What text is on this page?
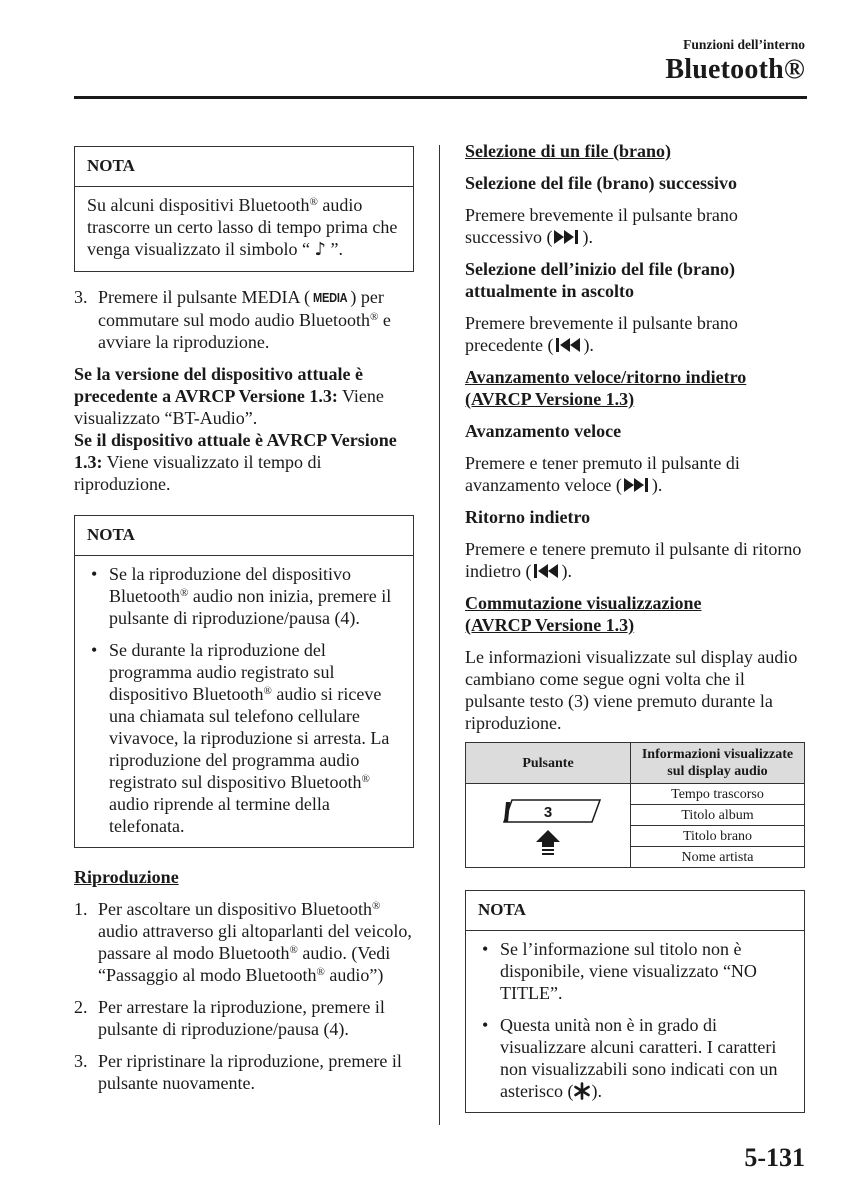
Funzioni dell’interno
Bluetooth®
NOTA

Su alcuni dispositivi Bluetooth® audio trascorre un certo lasso di tempo prima che venga visualizzato il simbolo “ ♪ ”.

3. Premere il pulsante MEDIA ( MEDIA ) per commutare sul modo audio Bluetooth® e avviare la riproduzione.

Se la versione del dispositivo attuale è precedente a AVRCP Versione 1.3: Viene visualizzato “BT-Audio”.

Se il dispositivo attuale è AVRCP Versione 1.3: Viene visualizzato il tempo di riproduzione.

NOTA
• Se la riproduzione del dispositivo Bluetooth® audio non inizia, premere il pulsante di riproduzione/pausa (4).
• Se durante la riproduzione del programma audio registrato sul dispositivo Bluetooth® audio si riceve una chiamata sul telefono cellulare vivavoce, la riproduzione si arresta. La riproduzione del programma audio registrato sul dispositivo Bluetooth® audio riprende al termine della telefonata.

Riproduzione

1. Per ascoltare un dispositivo Bluetooth® audio attraverso gli altoparlanti del veicolo, passare al modo Bluetooth® audio. (Vedi “Passaggio al modo Bluetooth® audio”)
2. Per arrestare la riproduzione, premere il pulsante di riproduzione/pausa (4).
3. Per ripristinare la riproduzione, premere il pulsante nuovamente.

Selezione di un file (brano)

Selezione del file (brano) successivo

Premere brevemente il pulsante brano successivo ( ).

Selezione dell’inizio del file (brano) attualmente in ascolto

Premere brevemente il pulsante brano precedente ( ).

Avanzamento veloce/ritorno indietro

(AVRCP Versione 1.3)

Avanzamento veloce

Premere e tener premuto il pulsante di avanzamento veloce ( ).

Ritorno indietro

Premere e tenere premuto il pulsante di ritorno indietro ( ).

Commutazione visualizzazione

(AVRCP Versione 1.3)

Le informazioni visualizzate sul display audio cambiano come segue ogni volta che il pulsante testo (3) viene premuto durante la riproduzione.

Pulsante	Informazioni visualizzate sul display audio

3	Tempo trascorso
	Titolo album
	Titolo brano
	Nome artista
NOTA
• Se l’informazione sul titolo non è disponibile, viene visualizzato “NO TITLE”.
• Questa unità non è in grado di visualizzare alcuni caratteri. I caratteri non visualizzabili sono indicati con un asterisco ( ).
5-131
